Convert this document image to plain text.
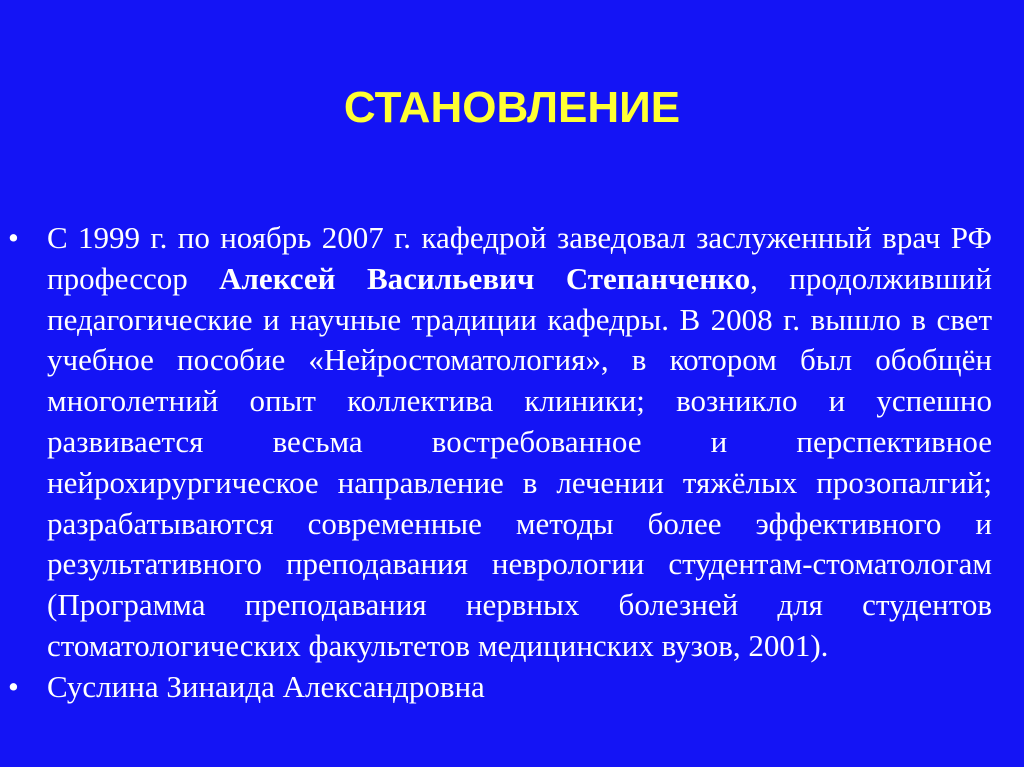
СТАНОВЛЕНИЕ
• С 1999 г. по ноябрь 2007 г. кафедрой заведовал заслуженный врач РФ профессор Алексей Васильевич Степанченко, продолживший педагогические и научные традиции кафедры. В 2008 г. вышло в свет учебное пособие «Нейростоматология», в котором был обобщён многолетний опыт коллектива клиники; возникло и успешно развивается весьма востребованное и перспективное нейрохирургическое направление в лечении тяжёлых прозопалгий; разрабатываются современные методы более эффективного и результативного преподавания неврологии студентам-стоматологам (Программа преподавания нервных болезней для студентов стоматологических факультетов медицинских вузов, 2001).
• Суслина Зинаида Александровна
